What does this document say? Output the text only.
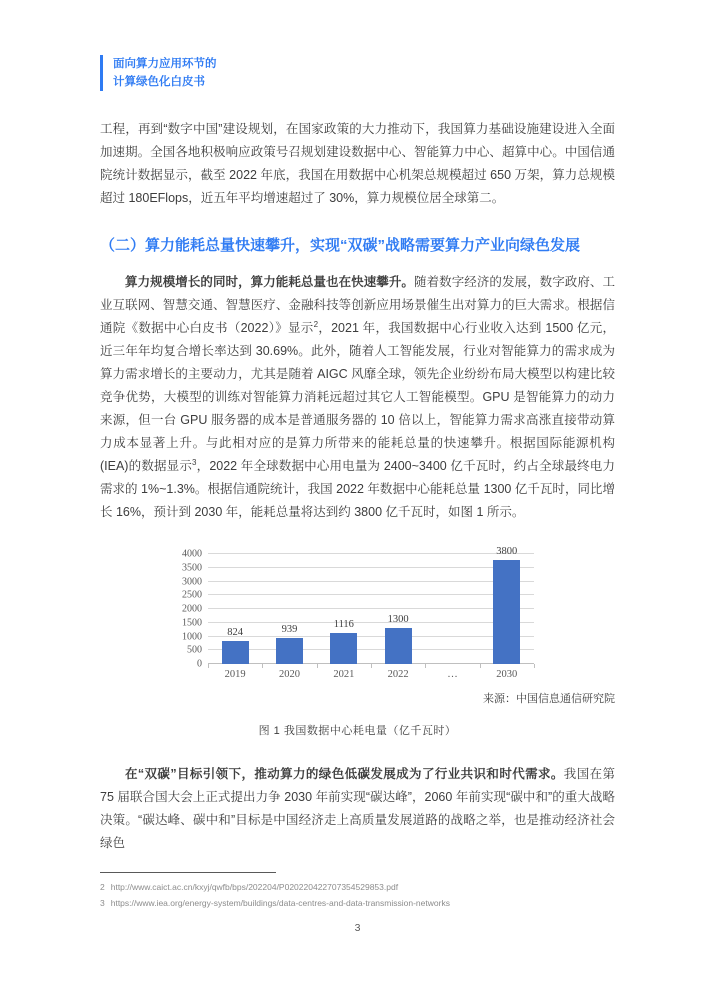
面向算力应用环节的
计算绿色化白皮书

工程，再到“数字中国”建设规划，在国家政策的大力推动下，我国算力基础设施建设进入全面加速期。全国各地积极响应政策号召规划建设数据中心、智能算力中心、超算中心。中国信通院统计数据显示，截至 2022 年底，我国在用数据中心机架总规模超过 650 万架，算力总规模超过 180EFlops，近五年平均增速超过了 30%，算力规模位居全球第二。

（二）算力能耗总量快速攀升，实现“双碳”战略需要算力产业向绿色发展

算力规模增长的同时，算力能耗总量也在快速攀升。随着数字经济的发展，数字政府、工业互联网、智慧交通、智慧医疗、金融科技等创新应用场景催生出对算力的巨大需求。根据信通院《数据中心白皮书（2022）》显示$^2$，2021 年，我国数据中心行业收入达到 1500 亿元，近三年年均复合增长率达到 30.69%。此外，随着人工智能发展，行业对智能算力的需求成为算力需求增长的主要动力，尤其是随着 AIGC 风靡全球，领先企业纷纷布局大模型以构建比较竞争优势，大模型的训练对智能算力消耗远超过其它人工智能模型。GPU 是智能算力的动力来源，但一台 GPU 服务器的成本是普通服务器的 10 倍以上，智能算力需求高涨直接带动算力成本显著上升。与此相对应的是算力所带来的能耗总量的快速攀升。根据国际能源机构(IEA)的数据显示$^3$，2022 年全球数据中心用电量为 2400~3400 亿千瓦时，约占全球最终电力需求的 1%~1.3%。根据信通院统计，我国 2022 年数据中心能耗总量 1300 亿千瓦时，同比增长 16%，预计到 2030 年，能耗总量将达到约 3800 亿千瓦时，如图 1 所示。

0
500
1000
1500
2000
2500
3000
3500
4000
824	939	1116	1300
3800
2019	2020	2021	2022	…	2030
来源：中国信息通信研究院
图 1 我国数据中心耗电量（亿千瓦时）

在“双碳”目标引领下，推动算力的绿色低碳发展成为了行业共识和时代需求。我国在第 75 届联合国大会上正式提出力争 2030 年前实现“碳达峰”，2060 年前实现“碳中和”的重大战略决策。“碳达峰、碳中和”目标是中国经济走上高质量发展道路的战略之举，也是推动经济社会绿色

2 http://www.caict.ac.cn/kxyj/qwfb/bps/202204/P020220422707354529853.pdf
3 https://www.iea.org/energy-system/buildings/data-centres-and-data-transmission-networks
3
